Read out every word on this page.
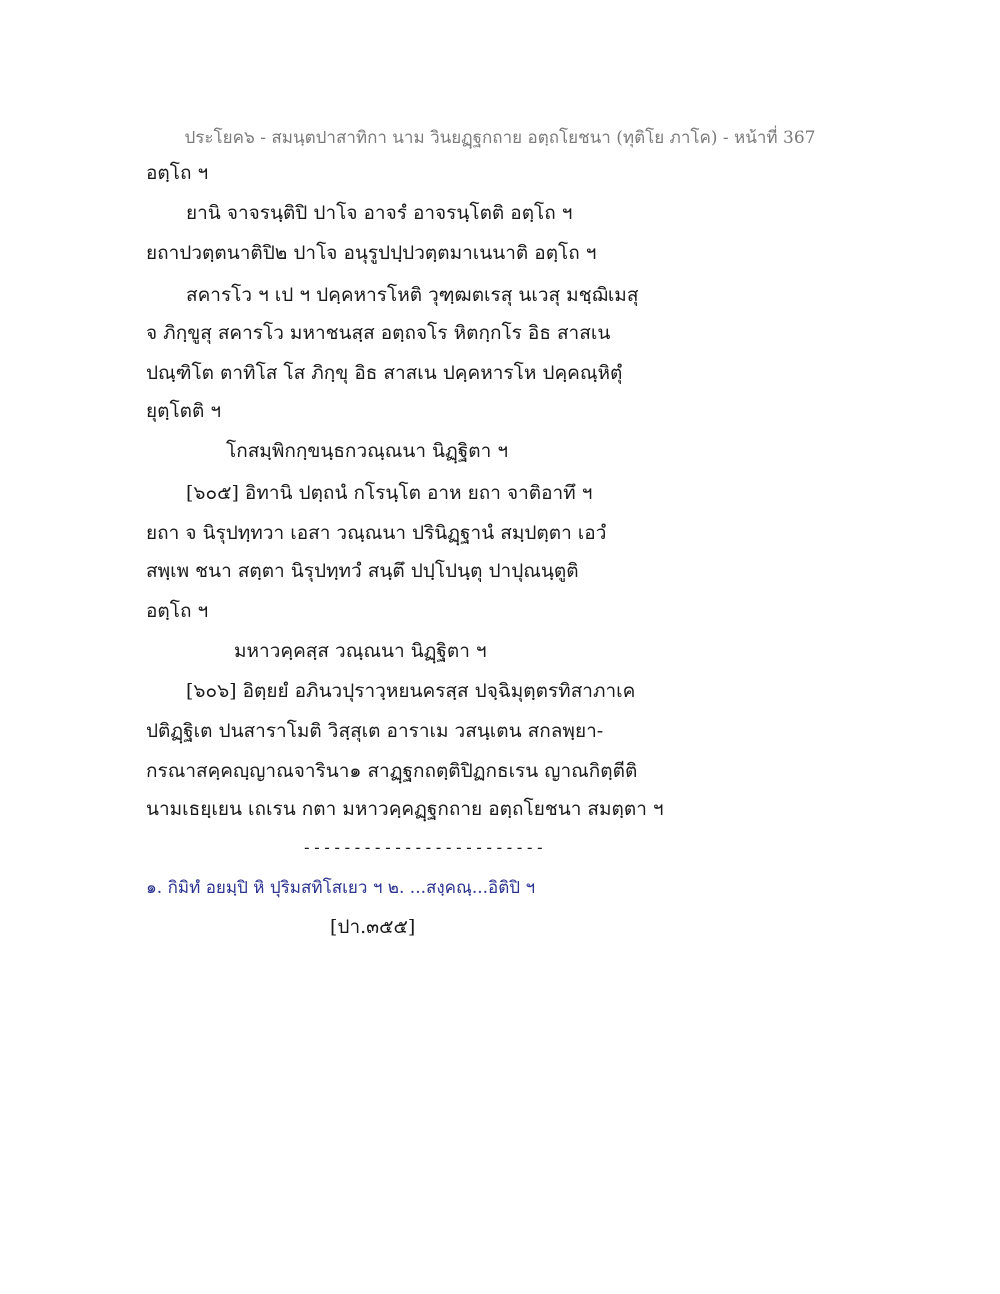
ประโยค๖ - สมนฺตปาสาทิกา นาม วินยฏฺฐกถาย อตฺถโยชนา (ทุติโย ภาโค) - หน้าที่ 367
อตฺโถ ฯ
ยานิ จาจรนฺติปิ ปาโจ อาจรํ อาจรนฺโตติ อตฺโถ ฯ
ยถาปวตฺตนาติปิ๒ ปาโจ อนุรูปปฺปวตฺตมาเนนาติ อตฺโถ ฯ
สคารโว ฯ เป ฯ ปคฺคหารโหติ วุฑฺฒตเรสุ นเวสุ มชฺฌิเมสุ
จ ภิกฺขูสุ สคารโว มหาชนสฺส อตฺถจโร หิตกฺกโร อิธ สาสเน
ปณฺฑิโต ตาทิโส โส ภิกฺขุ อิธ สาสเน ปคฺคหารโห ปคฺคณฺหิตุํ
ยุตฺโตติ ฯ
โกสมฺพิกกฺขนฺธกวณฺณนา นิฏฺฐิตา ฯ
[๖๐๕] อิทานิ ปตฺถนํ กโรนฺโต อาห ยถา จาติอาทึ ฯ
ยถา จ นิรุปทฺทวา เอสา วณฺณนา ปรินิฏฺฐานํ สมฺปตฺตา เอวํ
สพฺเพ ชนา สตฺตา นิรุปทฺทวํ สนฺตึ ปปฺโปนฺตุ ปาปุณนฺตูติ
อตฺโถ ฯ
มหาวคฺคสฺส วณฺณนา นิฏฺฐิตา ฯ
[๖๐๖] อิตฺยยํ อภินวปุราวฺหยนครสฺส ปจฺฉิมุตฺตรทิสาภาเค
ปติฏฺฐิเต ปนสาราโมติ วิสฺสุเต อาราเม วสนฺเตน สกลพฺยา-
กรณาสคฺคญฺญาณจารินา๑ สาฏฺฐกถตฺติปิฏกธเรน ญาณกิตฺตีติ
นามเธยฺเยน เถเรน กตา มหาวคฺคฏฺฐกถาย อตฺถโยชนา สมตฺตา ฯ
------------------------
๑. กิมิทํ อยมฺปิ หิ ปุริมสทิโสเยว ฯ ๒. ...สงฺคณฺ...อิติปิ ฯ
[ปา.๓๕๕]
